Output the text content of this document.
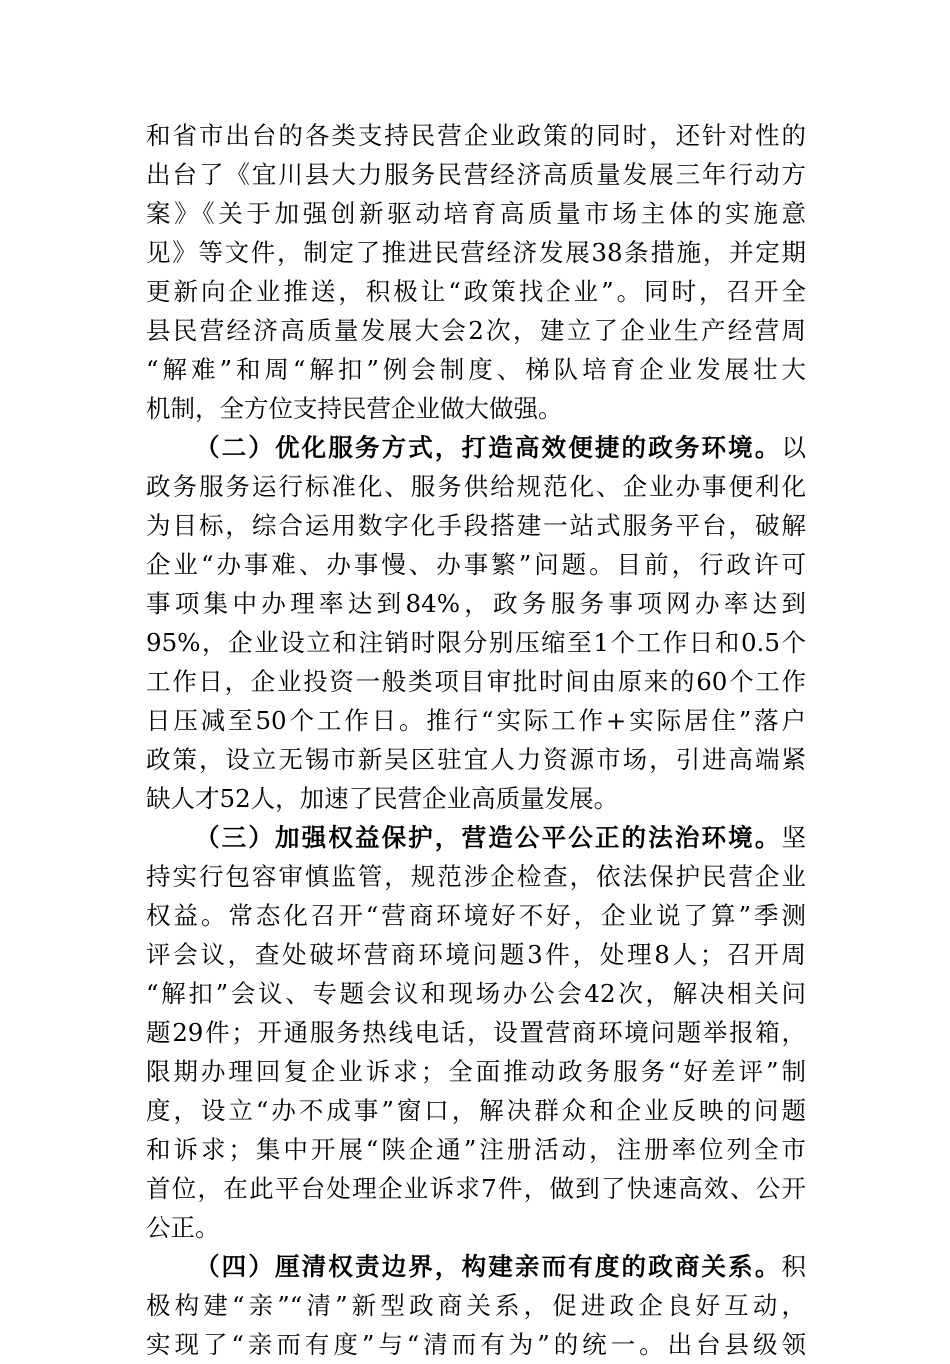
和省市出台的各类支持民营企业政策的同时，还针对性的
出台了《宜川县大力服务民营经济高质量发展三年行动方
案》《关于加强创新驱动培育高质量市场主体的实施意
见》等文件，制定了推进民营经济发展38条措施，并定期
更新向企业推送，积极让“政策找企业”。同时，召开全
县民营经济高质量发展大会2次，建立了企业生产经营周
“解难”和周“解扣”例会制度、梯队培育企业发展壮大
机制，全方位支持民营企业做大做强。
（二）优化服务方式，打造高效便捷的政务环境。以
政务服务运行标准化、服务供给规范化、企业办事便利化
为目标，综合运用数字化手段搭建一站式服务平台，破解
企业“办事难、办事慢、办事繁”问题。目前，行政许可
事项集中办理率达到84%，政务服务事项网办率达到
95%，企业设立和注销时限分别压缩至1个工作日和0.5个
工作日，企业投资一般类项目审批时间由原来的60个工作
日压减至50个工作日。推行“实际工作+实际居住”落户
政策，设立无锡市新吴区驻宜人力资源市场，引进高端紧
缺人才52人，加速了民营企业高质量发展。
（三）加强权益保护，营造公平公正的法治环境。坚
持实行包容审慎监管，规范涉企检查，依法保护民营企业
权益。常态化召开“营商环境好不好，企业说了算”季测
评会议，查处破坏营商环境问题3件，处理8人；召开周
“解扣”会议、专题会议和现场办公会42次，解决相关问
题29件；开通服务热线电话，设置营商环境问题举报箱，
限期办理回复企业诉求；全面推动政务服务“好差评”制
度，设立“办不成事”窗口，解决群众和企业反映的问题
和诉求；集中开展“陕企通”注册活动，注册率位列全市
首位，在此平台处理企业诉求7件，做到了快速高效、公开
公正。
（四）厘清权责边界，构建亲而有度的政商关系。积
极构建“亲”“清”新型政商关系，促进政企良好互动，
实现了“亲而有度”与“清而有为”的统一。出台县级领
